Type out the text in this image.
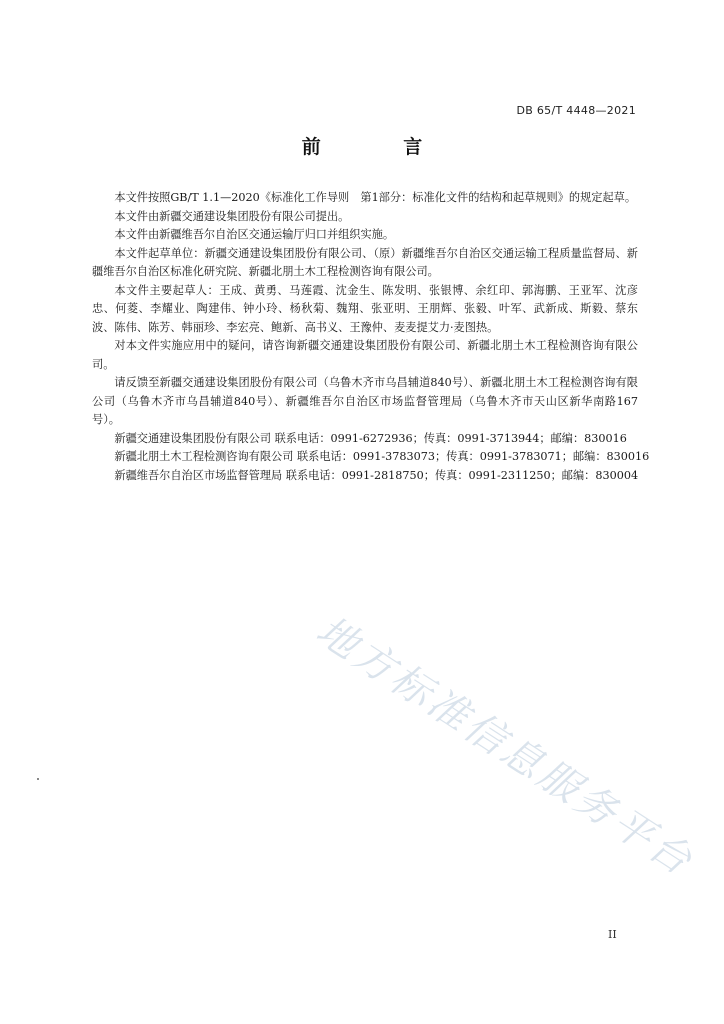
DB 65/T 4448—2021
前 言

本文件按照GB/T 1.1—2020《标准化工作导则　第1部分：标准化文件的结构和起草规则》的规定起草。

本文件由新疆交通建设集团股份有限公司提出。

本文件由新疆维吾尔自治区交通运输厅归口并组织实施。

本文件起草单位：新疆交通建设集团股份有限公司、（原）新疆维吾尔自治区交通运输工程质量监督局、新疆维吾尔自治区标准化研究院、新疆北朋土木工程检测咨询有限公司。

本文件主要起草人：王成、黄勇、马莲霞、沈金生、陈发明、张银博、余红印、郭海鹏、王亚军、沈彦忠、何菱、李耀业、陶建伟、钟小玲、杨秋菊、魏翔、张亚明、王朋辉、张毅、叶军、武新成、斯毅、蔡东波、陈伟、陈芳、韩丽珍、李宏亮、鲍新、高书义、王豫仲、麦麦提艾力·麦图热。

对本文件实施应用中的疑问，请咨询新疆交通建设集团股份有限公司、新疆北朋土木工程检测咨询有限公司。

请反馈至新疆交通建设集团股份有限公司（乌鲁木齐市乌昌辅道840号）、新疆北朋土木工程检测咨询有限公司（乌鲁木齐市乌昌辅道840号）、新疆维吾尔自治区市场监督管理局（乌鲁木齐市天山区新华南路167号）。

新疆交通建设集团股份有限公司 联系电话：0991-6272936；传真：0991-3713944；邮编：830016

新疆北朋土木工程检测咨询有限公司 联系电话：0991-3783073；传真：0991-3783071；邮编：830016

新疆维吾尔自治区市场监督管理局 联系电话：0991-2818750；传真：0991-2311250；邮编：830004

地方标准信息服务平台
II
